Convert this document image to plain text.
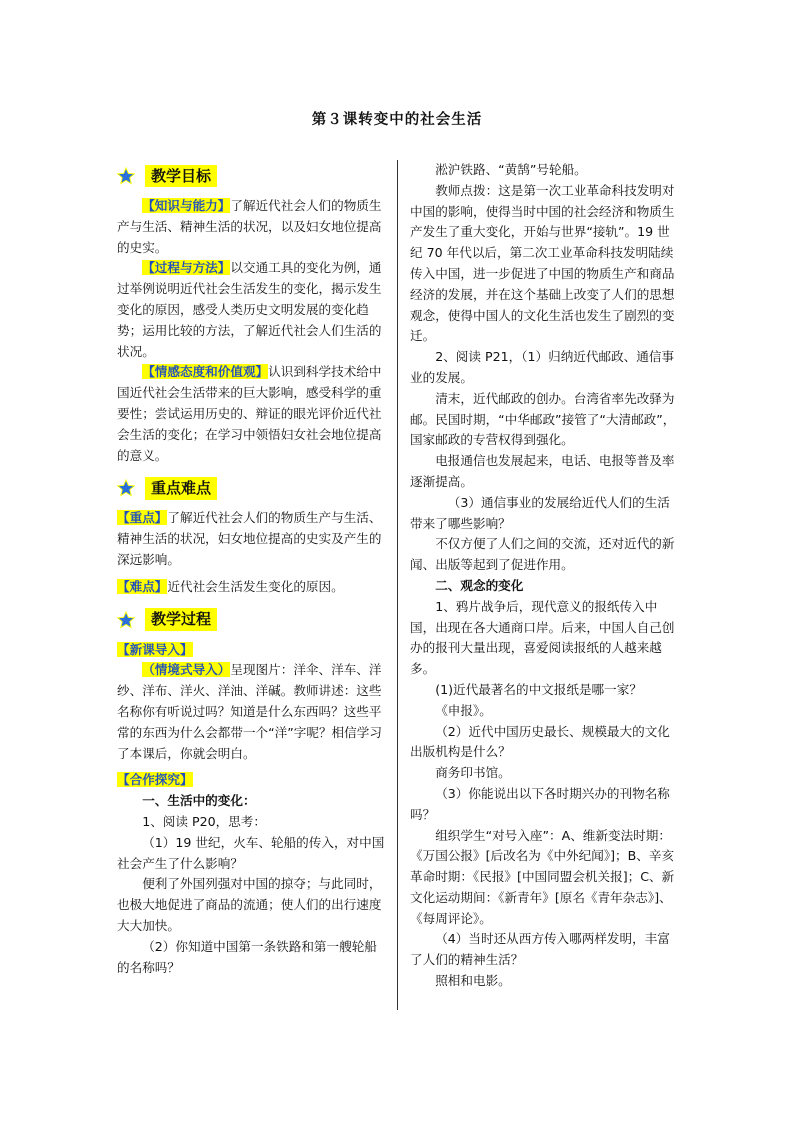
第３课转变中的社会生活
教学目标

【知识与能力】了解近代社会人们的物质生产与生活、精神生活的状况，以及妇女地位提高的史实。

【过程与方法】以交通工具的变化为例，通过举例说明近代社会生活发生的变化，揭示发生变化的原因，感受人类历史文明发展的变化趋势；运用比较的方法，了解近代社会人们生活的状况。

【情感态度和价值观】认识到科学技术给中国近代社会生活带来的巨大影响，感受科学的重要性；尝试运用历史的、辩证的眼光评价近代社会生活的变化；在学习中领悟妇女社会地位提高的意义。

重点难点

【重点】了解近代社会人们的物质生产与生活、精神生活的状况，妇女地位提高的史实及产生的深远影响。

【难点】近代社会生活发生变化的原因。

教学过程

【新课导入】

（情境式导入）呈现图片：洋伞、洋车、洋纱、洋布、洋火、洋油、洋碱。教师讲述：这些名称你有听说过吗？知道是什么东西吗？这些平常的东西为什么会都带一个“洋”字呢？相信学习了本课后，你就会明白。

【合作探究】

一、生活中的变化：

1、阅读 P20，思考：

（1）19 世纪，火车、轮船的传入，对中国社会产生了什么影响？

便利了外国列强对中国的掠夺；与此同时，也极大地促进了商品的流通；使人们的出行速度大大加快。

（2）你知道中国第一条铁路和第一艘轮船的名称吗？

淞沪铁路、“黄鹄”号轮船。

教师点拨：这是第一次工业革命科技发明对中国的影响，使得当时中国的社会经济和物质生产发生了重大变化，开始与世界“接轨”。19 世纪 70 年代以后，第二次工业革命科技发明陆续传入中国，进一步促进了中国的物质生产和商品经济的发展，并在这个基础上改变了人们的思想观念，使得中国人的文化生活也发生了剧烈的变迁。

2、阅读 P21，（1）归纳近代邮政、通信事业的发展。

清末，近代邮政的创办。台湾省率先改驿为邮。民国时期，“中华邮政”接管了“大清邮政”，国家邮政的专营权得到强化。

电报通信也发展起来，电话、电报等普及率逐渐提高。

（3）通信事业的发展给近代人们的生活带来了哪些影响？

不仅方便了人们之间的交流，还对近代的新闻、出版等起到了促进作用。

二、观念的变化

1、鸦片战争后，现代意义的报纸传入中国，出现在各大通商口岸。后来，中国人自己创办的报刊大量出现，喜爱阅读报纸的人越来越多。

(1)近代最著名的中文报纸是哪一家？

《申报》。

（2）近代中国历史最长、规模最大的文化出版机构是什么？

商务印书馆。

（3）你能说出以下各时期兴办的刊物名称吗？

组织学生“对号入座”：A、维新变法时期：《万国公报》[后改名为《中外纪闻》]；B、辛亥革命时期：《民报》[中国同盟会机关报]；C、新文化运动期间：《新青年》[原名《青年杂志》]、《每周评论》。

（4）当时还从西方传入哪两样发明，丰富了人们的精神生活？

照相和电影。
